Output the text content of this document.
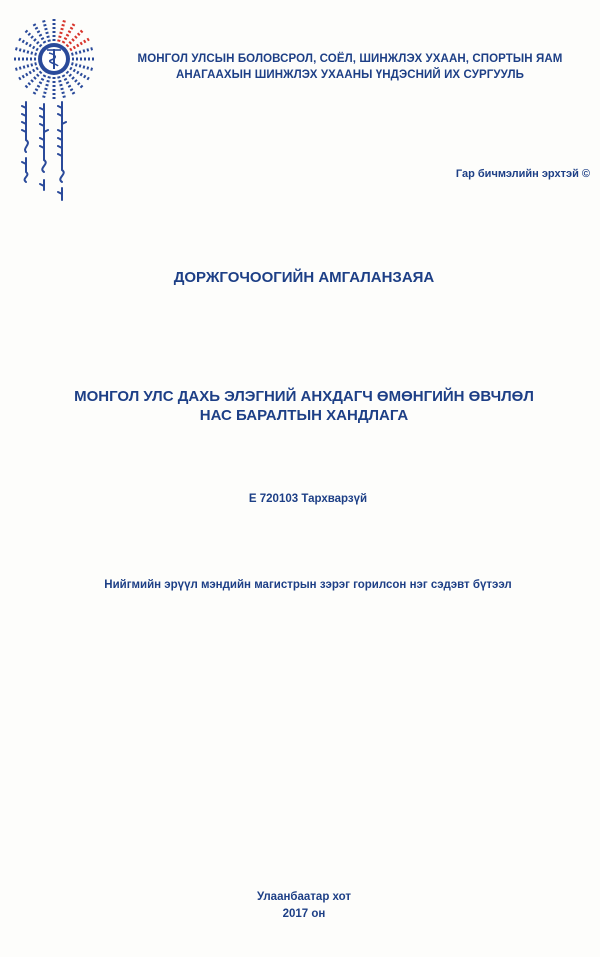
МОНГОЛ УЛСЫН БОЛОВСРОЛ, СОЁЛ, ШИНЖЛЭХ УХААН, СПОРТЫН ЯАМ
АНАГААХЫН ШИНЖЛЭХ УХААНЫ ҮНДЭСНИЙ ИХ СУРГУУЛЬ
Гар бичмэлийн эрхтэй ©
ДОРЖГОЧООГИЙН АМГАЛАНЗАЯА
МОНГОЛ УЛС ДАХЬ ЭЛЭГНИЙ АНХДАГЧ ӨМӨНГИЙН ӨВЧЛӨЛ
НАС БАРАЛТЫН ХАНДЛАГА
Е 720103 Тархварзүй
Нийгмийн эрүүл мэндийн магистрын зэрэг горилсон нэг сэдэвт бүтээл
Улаанбаатар хот
2017 он
